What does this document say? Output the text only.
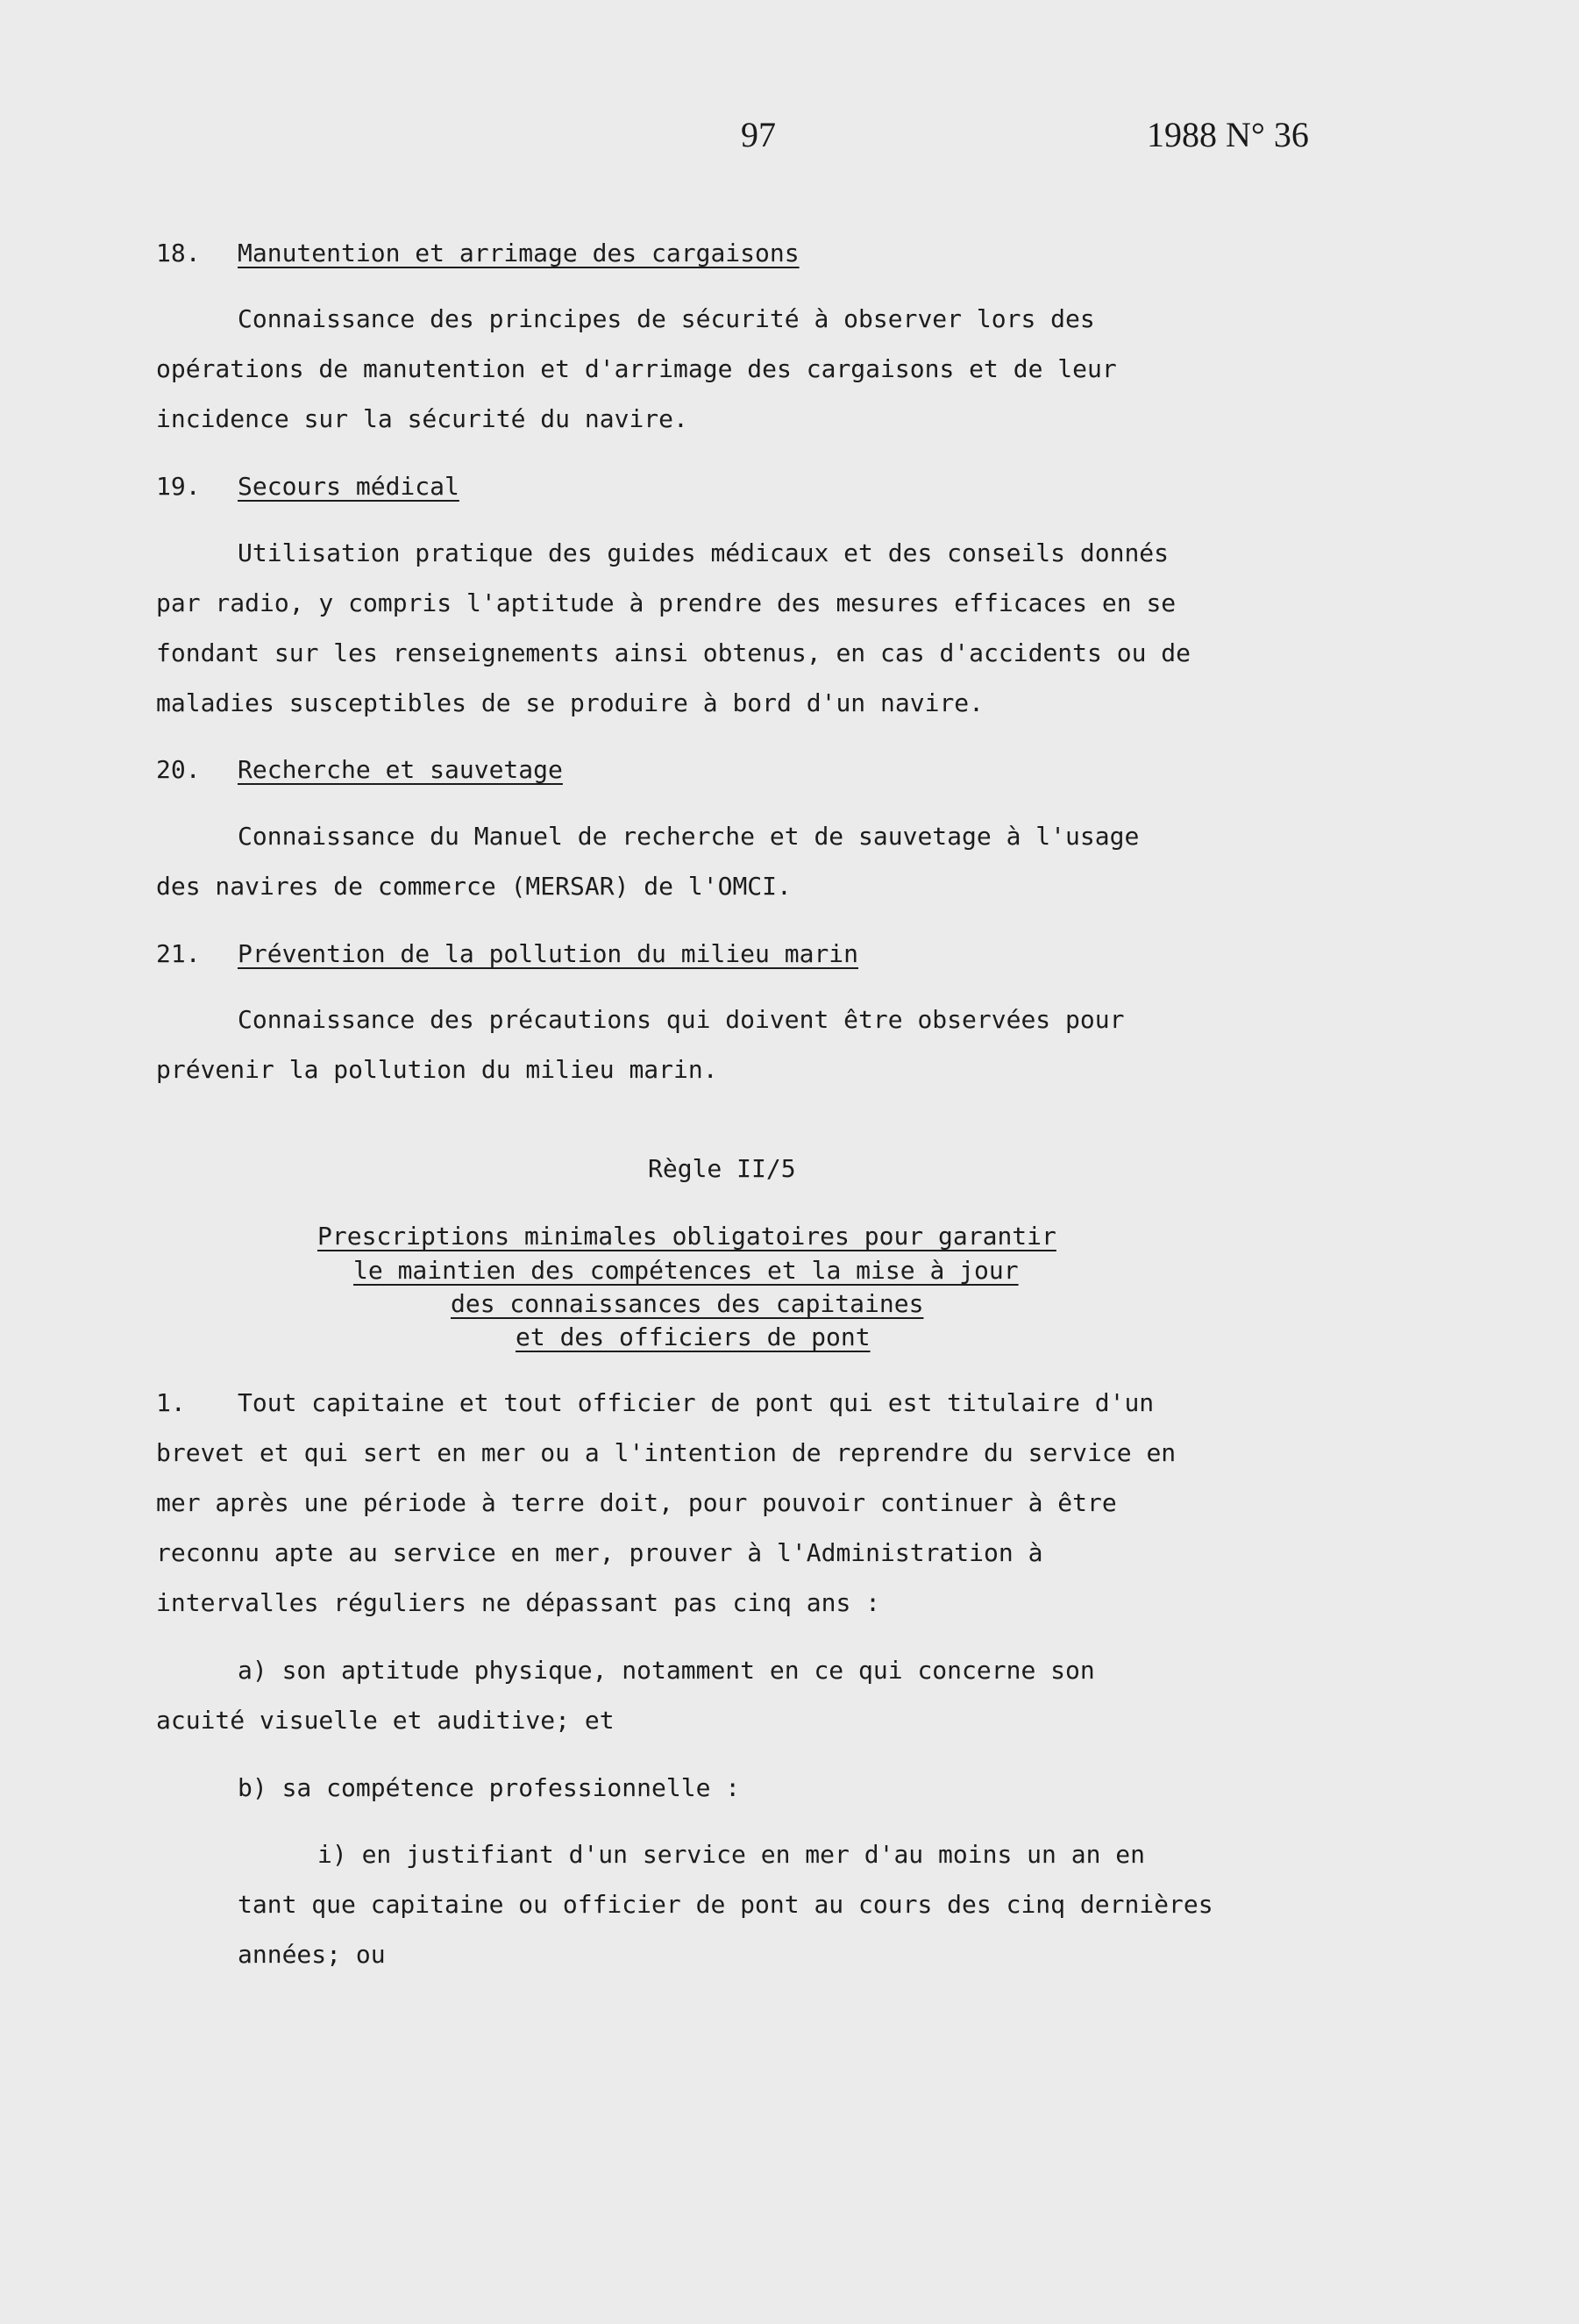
97	1988 N° 36
18. Manutention et arrimage des cargaisons
Connaissance des principes de sécurité à observer lors des
opérations de manutention et d'arrimage des cargaisons et de leur
incidence sur la sécurité du navire.
19. Secours médical
Utilisation pratique des guides médicaux et des conseils donnés
par radio, y compris l'aptitude à prendre des mesures efficaces en se
fondant sur les renseignements ainsi obtenus, en cas d'accidents ou de
maladies susceptibles de se produire à bord d'un navire.
20. Recherche et sauvetage
Connaissance du Manuel de recherche et de sauvetage à l'usage
des navires de commerce (MERSAR) de l'OMCI.
21. Prévention de la pollution du milieu marin
Connaissance des précautions qui doivent être observées pour
prévenir la pollution du milieu marin.
Règle II/5
Prescriptions minimales obligatoires pour garantir
le maintien des compétences et la mise à jour
des connaissances des capitaines
et des officiers de pont
1. Tout capitaine et tout officier de pont qui est titulaire d'un
brevet et qui sert en mer ou a l'intention de reprendre du service en
mer après une période à terre doit, pour pouvoir continuer à être
reconnu apte au service en mer, prouver à l'Administration à
intervalles réguliers ne dépassant pas cinq ans :
a) son aptitude physique, notamment en ce qui concerne son
acuité visuelle et auditive; et
b) sa compétence professionnelle :
i) en justifiant d'un service en mer d'au moins un an en
tant que capitaine ou officier de pont au cours des cinq dernières
années; ou
